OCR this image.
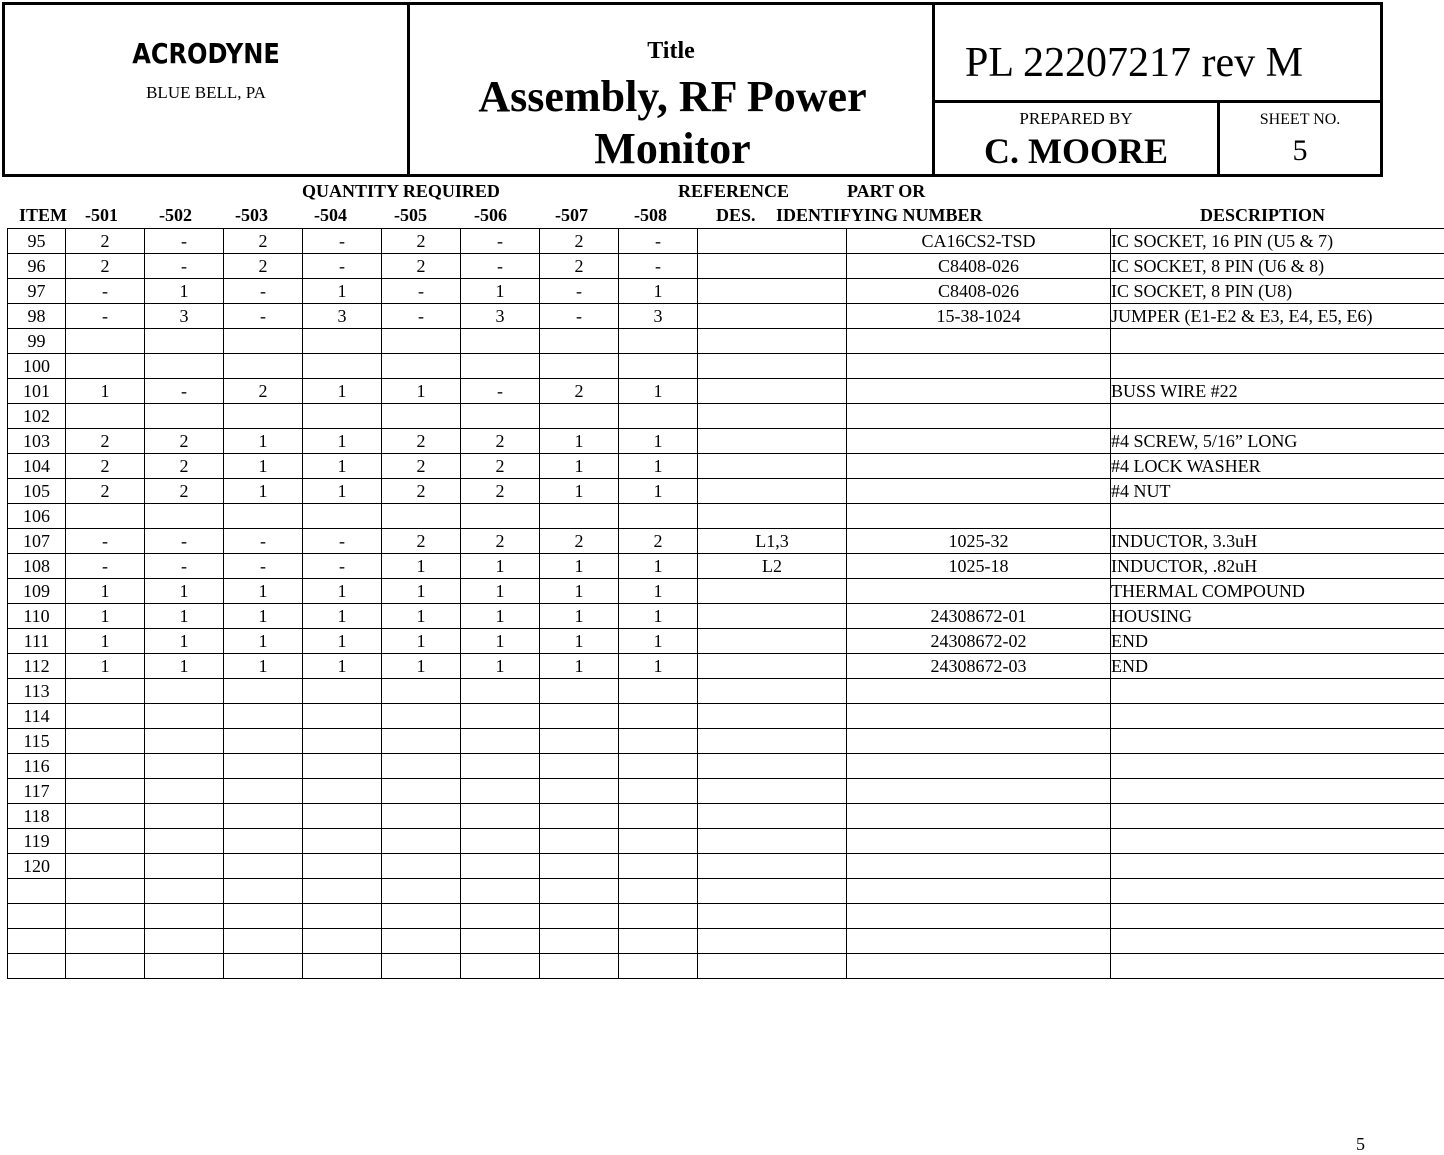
ACRODYNE
BLUE BELL, PA
Title
Assembly, RF Power Monitor
PL 22207217 rev M
PREPARED BY
C. MOORE
SHEET NO.
5
QUANTITY REQUIRED	REFERENCE	PART OR
ITEM -501 -502 -503	-504	-505	-506	-507	-508	DES. IDENTIFYING NUMBER	DESCRIPTION
95	2	-	2	-	2	-	2	-		CA16CS2-TSD	IC SOCKET, 16 PIN (U5 & 7)
96	2	-	2	-	2	-	2	-		C8408-026	IC SOCKET, 8 PIN (U6 & 8)
97	-	1	-	1	-	1	-	1		C8408-026	IC SOCKET, 8 PIN (U8)
98	-	3	-	3	-	3	-	3		15-38-1024	JUMPER (E1-E2 & E3, E4, E5, E6)
99											
100											
101	1	-	2	1	1	-	2	1			BUSS WIRE #22
102											
103	2	2	1	1	2	2	1	1			#4 SCREW, 5/16” LONG
104	2	2	1	1	2	2	1	1			#4 LOCK WASHER
105	2	2	1	1	2	2	1	1			#4 NUT
106											
107	-	-	-	-	2	2	2	2	L1,3	1025-32	INDUCTOR, 3.3uH
108	-	-	-	-	1	1	1	1	L2	1025-18	INDUCTOR, .82uH
109	1	1	1	1	1	1	1	1			THERMAL COMPOUND
110	1	1	1	1	1	1	1	1		24308672-01	HOUSING
111	1	1	1	1	1	1	1	1		24308672-02	END
112	1	1	1	1	1	1	1	1		24308672-03	END
113											
114											
115											
116											
117											
118											
119											
120											

5
